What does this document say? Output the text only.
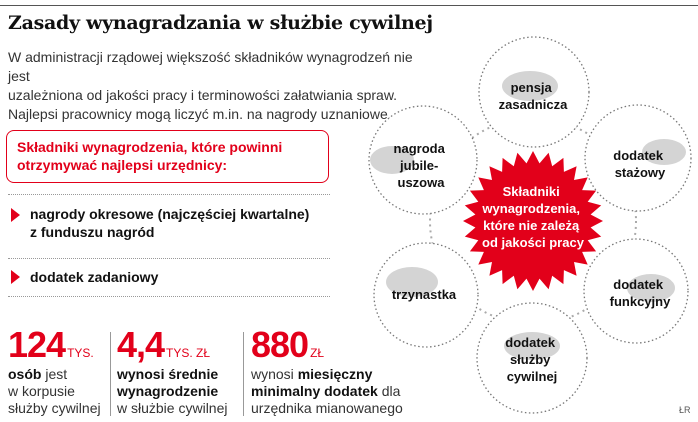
Zasady wynagradzania w służbie cywilnej
W administracji rządowej większość składników wynagrodzeń nie jest
uzależniona od jakości pracy i terminowości załatwiania spraw.
Najlepsi pracownicy mogą liczyć m.in. na nagrody uznaniowe.
Składniki wynagrodzenia, które powinni
otrzymywać najlepsi urzędnicy:
nagrody okresowe (najczęściej kwartalne)
z funduszu nagród
dodatek zadaniowy
124 TYS.
osób jest
w korpusie
służby cywilnej
4,4 TYS. ZŁ
wynosi średnie
wynagrodzenie
w służbie cywilnej
880 ZŁ
wynosi miesięczny
minimalny dodatek dla
urzędnika mianowanego
Składniki wynagrodzenia, które nie zależą od jakości pracy
pensja zasadnicza
dodatek stażowy
dodatek funkcyjny
dodatek służby cywilnej
trzynastka
nagroda jubile- uszowa
ŁR
